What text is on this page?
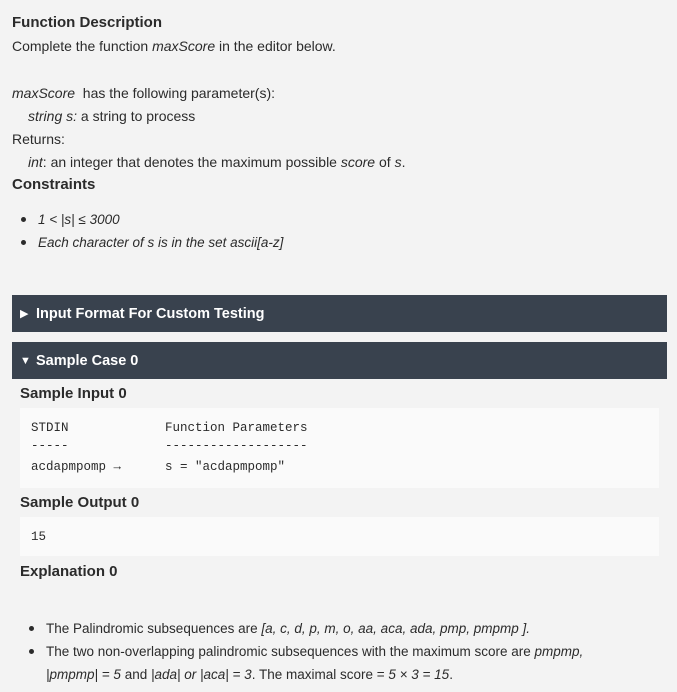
Function Description
Complete the function maxScore in the editor below.
maxScore  has the following parameter(s):
string s: a string to process
Returns:
int: an integer that denotes the maximum possible score of s.
Constraints
1 < |s| ≤ 3000
Each character of s is in the set ascii[a-z]
▶ Input Format For Custom Testing
▼ Sample Case 0
Sample Input 0
STDIN	Function Parameters
-----	-------------------
acdapmpomp →	s = "acdapmpomp"
Sample Output 0
15
Explanation 0
The Palindromic subsequences are [a, c, d, p, m, o, aa, aca, ada, pmp, pmpmp ].
The two non-overlapping palindromic subsequences with the maximum score are pmpmp,
|pmpmp| = 5 and |ada| or |aca| = 3. The maximal score = 5 × 3 = 15.
